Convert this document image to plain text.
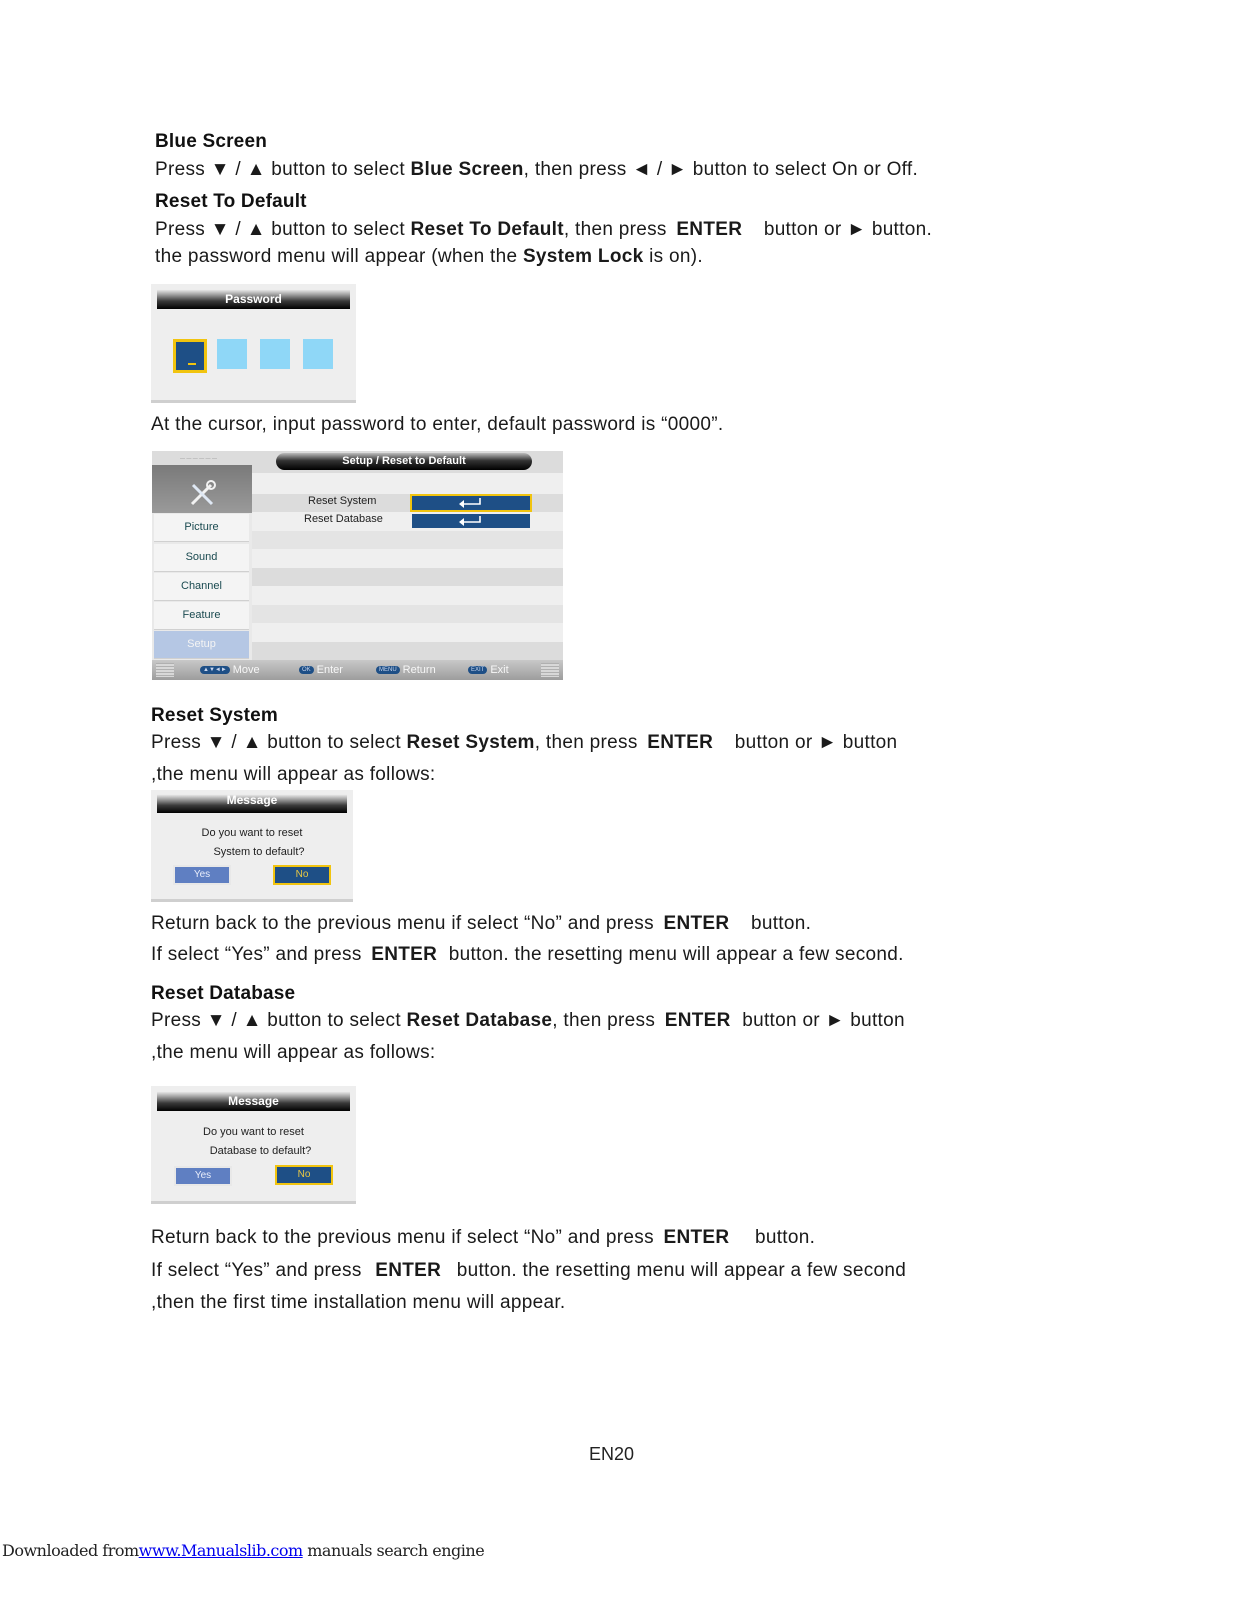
Blue Screen
Press ▼ / ▲ button to select Blue Screen, then press ◄ / ► button to select On or Off.
Reset To Default
Press ▼ / ▲ button to select Reset To Default, then press ENTER button or ► button.
the password menu will appear (when the System Lock is on).
Password
At the cursor, input password to enter, default password is “0000”.
— — — — — —	Setup / Reset to Default
Picture
Sound
Channel
Feature
Setup
Reset System
Reset Database
▲▼◄► Move	OK Enter	MENU Return	EXIT Exit
Reset System
Press ▼ / ▲ button to select Reset System, then press ENTER button or ► button
,the menu will appear as follows:
Message
Do you want to reset
System to default?
Yes	No
Return back to the previous menu if select “No” and press ENTER button.
If select “Yes” and press ENTER button. the resetting menu will appear a few second.
Reset Database
Press ▼ / ▲ button to select Reset Database, then press ENTER button or ► button
,the menu will appear as follows:
Message
Do you want to reset
Database to default?
Yes	No
Return back to the previous menu if select “No” and press ENTER button.
If select “Yes” and press ENTER button. the resetting menu will appear a few second
,then the first time installation menu will appear.
EN20
Downloaded fromwww.Manualslib.com manuals search engine
